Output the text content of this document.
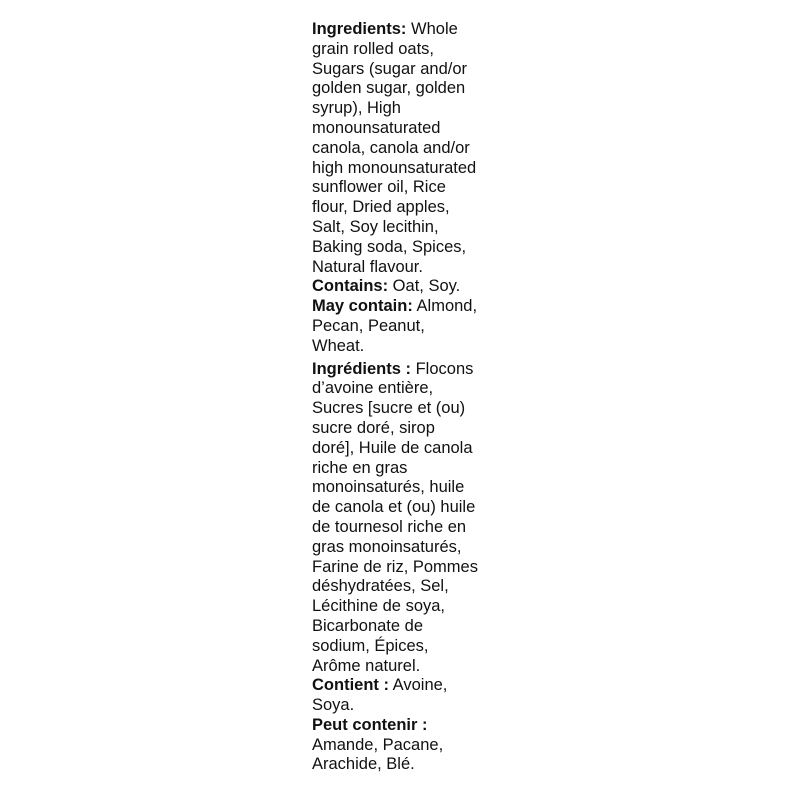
Ingredients: Whole
grain rolled oats,
Sugars (sugar and/or
golden sugar, golden
syrup), High
monounsaturated
canola, canola and/or
high monounsaturated
sunflower oil, Rice
flour, Dried apples,
Salt, Soy lecithin,
Baking soda, Spices,
Natural flavour.
Contains: Oat, Soy.
May contain: Almond,
Pecan, Peanut,
Wheat.
Ingrédients : Flocons
d’avoine entière,
Sucres [sucre et (ou)
sucre doré, sirop
doré], Huile de canola
riche en gras
monoinsaturés, huile
de canola et (ou) huile
de tournesol riche en
gras monoinsaturés,
Farine de riz, Pommes
déshydratées, Sel,
Lécithine de soya,
Bicarbonate de
sodium, Épices,
Arôme naturel.
Contient : Avoine,
Soya.
Peut contenir :
Amande, Pacane,
Arachide, Blé.
